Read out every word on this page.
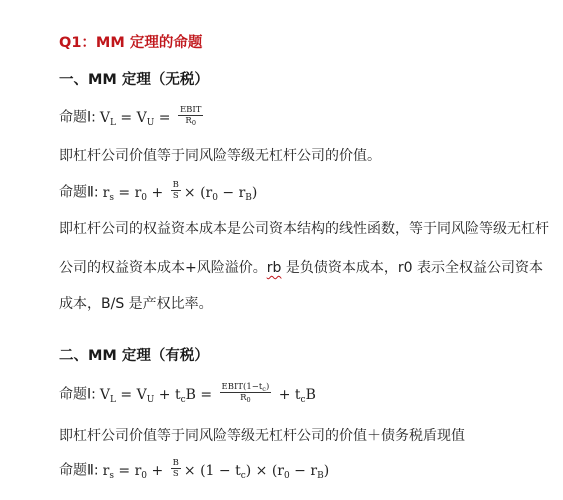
Q1：MM 定理的命题
一、MM 定理（无税）
命题Ⅰ: $V_L = V_U = \frac{\text{EBIT}}{R_0}$
即杠杆公司价值等于同风险等级无杠杆公司的价值。
命题Ⅱ: $r_s = r_0 + \frac{B}{S} \times (r_0 - r_B)$
即杠杆公司的权益资本成本是公司资本结构的线性函数，等于同风险等级无杠杆
公司的权益资本成本+风险溢价。rb 是负债资本成本，r0 表示全权益公司资本
成本，B/S 是产权比率。
二、MM 定理（有税）
命题Ⅰ: $V_L = V_U + t_cB = \frac{EBIT(1-t_c)}{R_0} + t_cB$
即杠杆公司价值等于同风险等级无杠杆公司的价值＋债务税盾现值
命题Ⅱ: $r_s = r_0 + \frac{B}{S} \times (1 - t_c) \times (r_0 - r_B)$
